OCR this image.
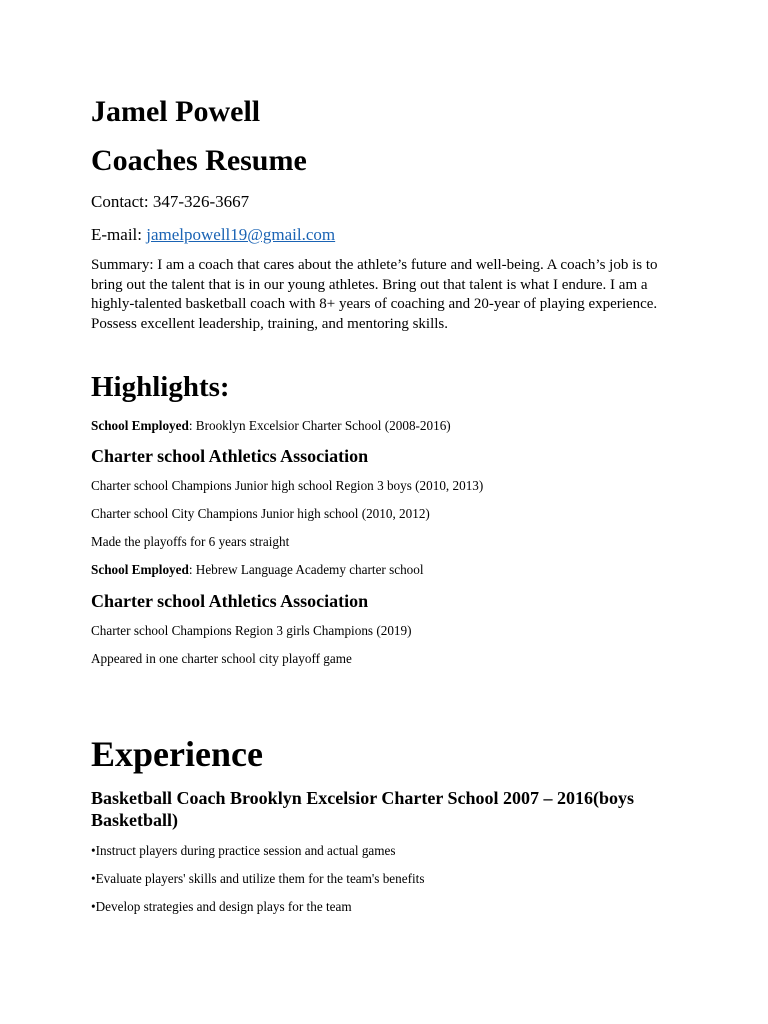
Jamel Powell
Coaches Resume
Contact: 347-326-3667
E-mail: jamelpowell19@gmail.com
Summary: I am a coach that cares about the athlete’s future and well-being. A coach’s job is to bring out the talent that is in our young athletes. Bring out that talent is what I endure. I am a highly-talented basketball coach with 8+ years of coaching and 20-year of playing experience. Possess excellent leadership, training, and mentoring skills.
Highlights:
School Employed: Brooklyn Excelsior Charter School (2008-2016)
Charter school Athletics Association
Charter school Champions Junior high school Region 3 boys (2010, 2013)
Charter school City Champions Junior high school (2010, 2012)
Made the playoffs for 6 years straight
School Employed: Hebrew Language Academy charter school
Charter school Athletics Association
Charter school Champions Region 3 girls Champions (2019)
Appeared in one charter school city playoff game
Experience
Basketball Coach Brooklyn Excelsior Charter School 2007 – 2016(boys Basketball)
•Instruct players during practice session and actual games
•Evaluate players' skills and utilize them for the team's benefits
•Develop strategies and design plays for the team
